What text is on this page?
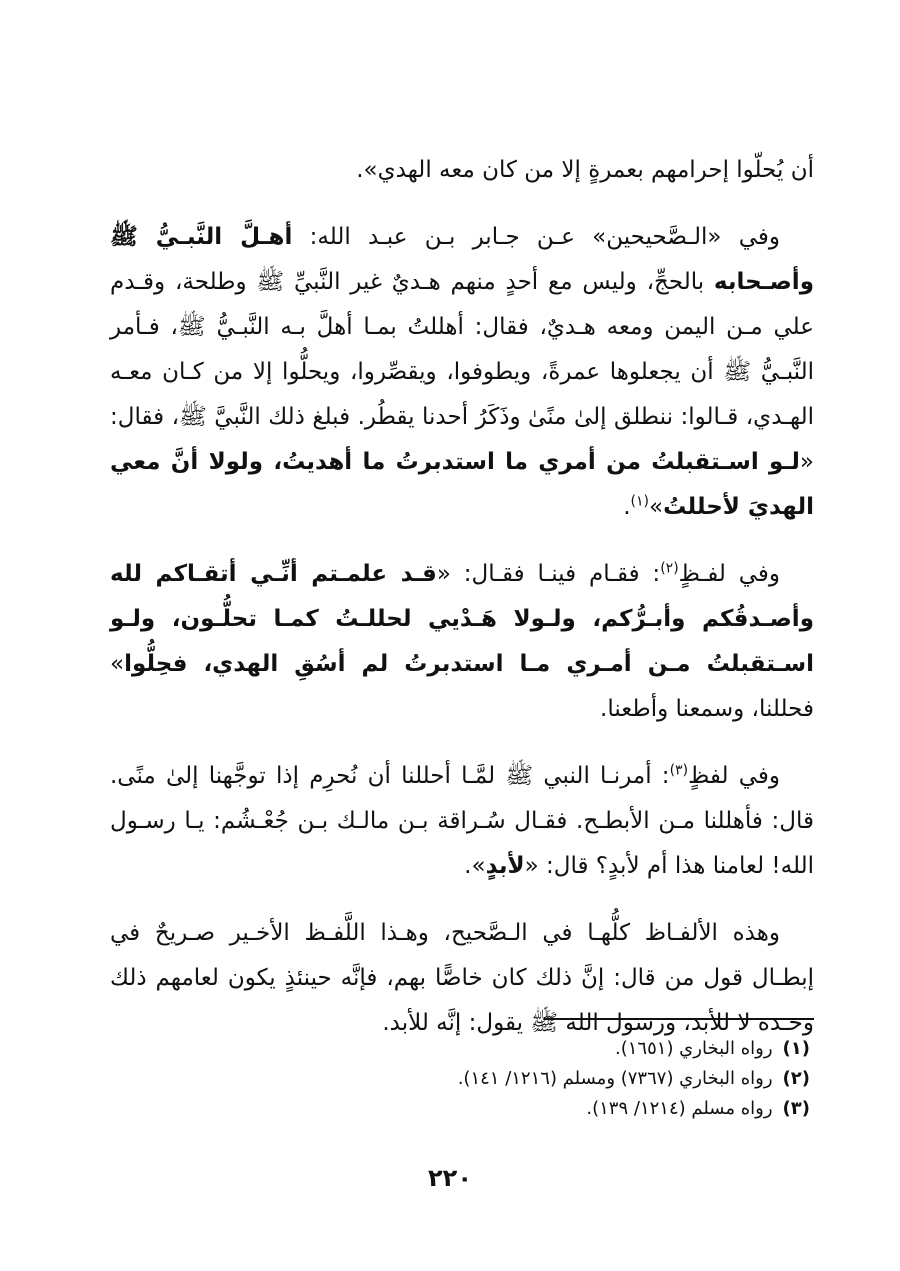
أن يُحلّوا إحرامهم بعمرةٍ إلا من كان معه الهدي».
وفي «الـصَّحيحين» عـن جـابر بـن عبـد الله: أهـلَّ النَّبـيُّ ﷺ وأصـحابه بالحجِّ، وليس مع أحدٍ منهم هـديٌ غير النَّبيِّ ﷺ وطلحة، وقـدم علي مـن اليمن ومعه هـديٌ، فقال: أهللتُ بمـا أهلَّ بـه النَّبـيُّ ﷺ، فـأمر النَّبـيُّ ﷺ أن يجعلوها عمرةً، ويطوفوا، ويقصِّروا، ويحلُّوا إلا من كـان معـه الهـدي، قـالوا: ننطلق إلىٰ منًىٰ وذَكَرُ أحدنا يقطُر. فبلغ ذلك النَّبيَّ ﷺ، فقال: «لـو اسـتقبلتُ من أمري ما استدبرتُ ما أهديتُ، ولولا أنَّ معي الهديَ لأحللتُ»$^{(١)}$.
وفي لفـظٍ$^{(٢)}$: فقـام فينـا فقـال: «قـد علمـتم أنِّـي أتقـاكم لله وأصـدقُكم وأبـرُّكم، ولـولا هَـدْيي لحللـتُ كمـا تحلُّـون، ولـو اسـتقبلتُ مـن أمـري مـا استدبرتُ لم أسُقِ الهدي، فحِلُّوا» فحللنا، وسمعنا وأطعنا.
وفي لفظٍ$^{(٣)}$: أمرنـا النبي ﷺ لمَّـا أحللنا أن نُحرِم إذا توجَّهنا إلىٰ منًى. قال: فأهللنا مـن الأبطـح. فقـال سُـراقة بـن مالـك بـن جُعْـشُم: يـا رسـول الله! لعامنا هذا أم لأبدٍ؟ قال: «لأبدٍ».
وهذه الألفـاظ كلُّهـا في الـصَّحيح، وهـذا اللَّفـظ الأخـير صـريحٌ في إبطـال قول من قال: إنَّ ذلك كان خاصًّا بهم، فإنَّه حينئذٍ يكون لعامهم ذلك وحـده لا للأبد، ورسول الله ﷺ يقول: إنَّه للأبد.
(١)رواه البخاري (١٦٥١).
(٢)رواه البخاري (٧٣٦٧) ومسلم (١٢١٦/ ١٤١).
(٣)رواه مسلم (١٢١٤/ ١٣٩).
٢٢٠
